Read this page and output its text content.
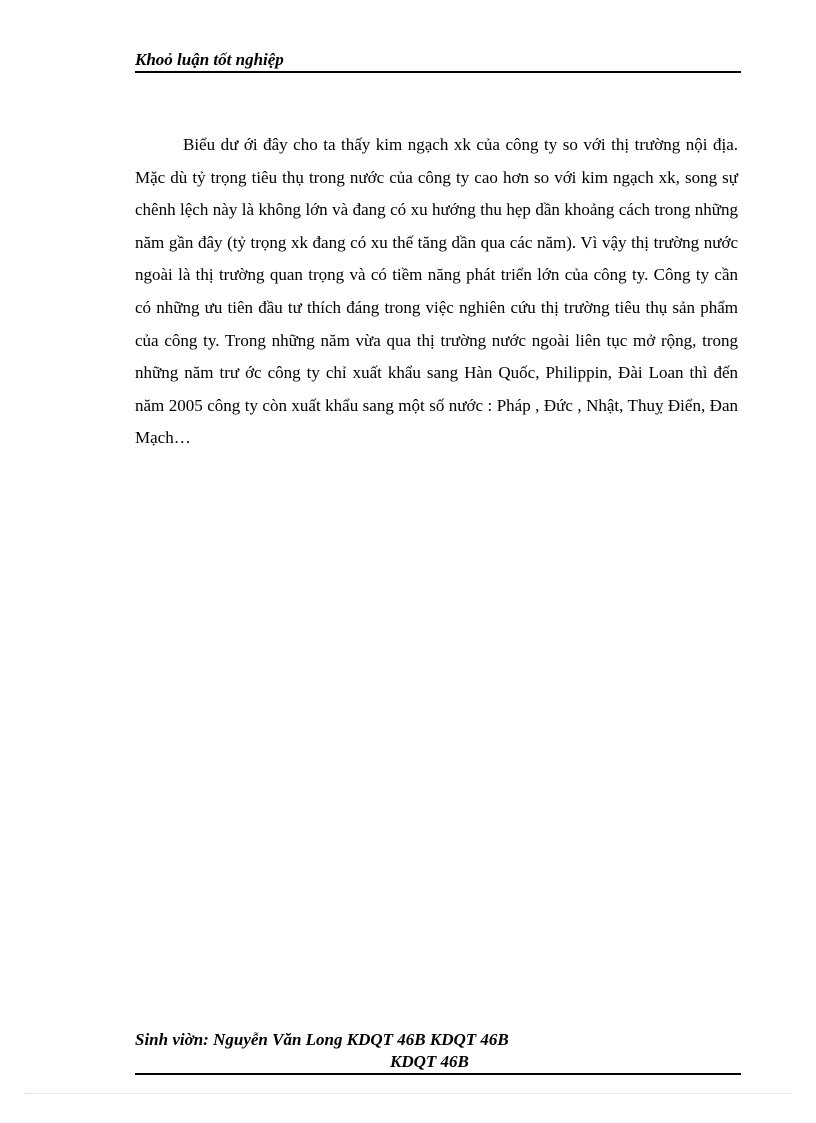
Khoỏ luận tốt nghiệp

Biểu dư ới đây cho ta thấy kim ngạch xk của công ty so với thị trường nội địa. Mặc dù tỷ trọng tiêu thụ trong nước của công ty cao hơn so với kim ngạch xk, song sự chênh lệch này là không lớn và đang có xu hướng thu hẹp dần khoảng cách trong những năm gần đây (tỷ trọng xk đang có xu thế tăng dần qua các năm). Vì vậy thị trường nước ngoài là thị trường quan trọng và có tiềm năng phát triển lớn của công ty. Công ty cần có những ưu tiên đầu tư thích đáng trong việc nghiên cứu thị trường tiêu thụ sản phẩm của công ty. Trong những năm vừa qua thị trường nước ngoài liên tục mở rộng, trong những năm trư ớc công ty chỉ xuất khẩu sang Hàn Quốc, Philippin, Đài Loan thì đến năm 2005 công ty còn xuất khẩu sang một số nước : Pháp , Đức , Nhật, Thuỵ Điển, Đan Mạch…

Sinh viờn: Nguyễn Văn Long KDQT 46B KDQT 46B
KDQT 46B
